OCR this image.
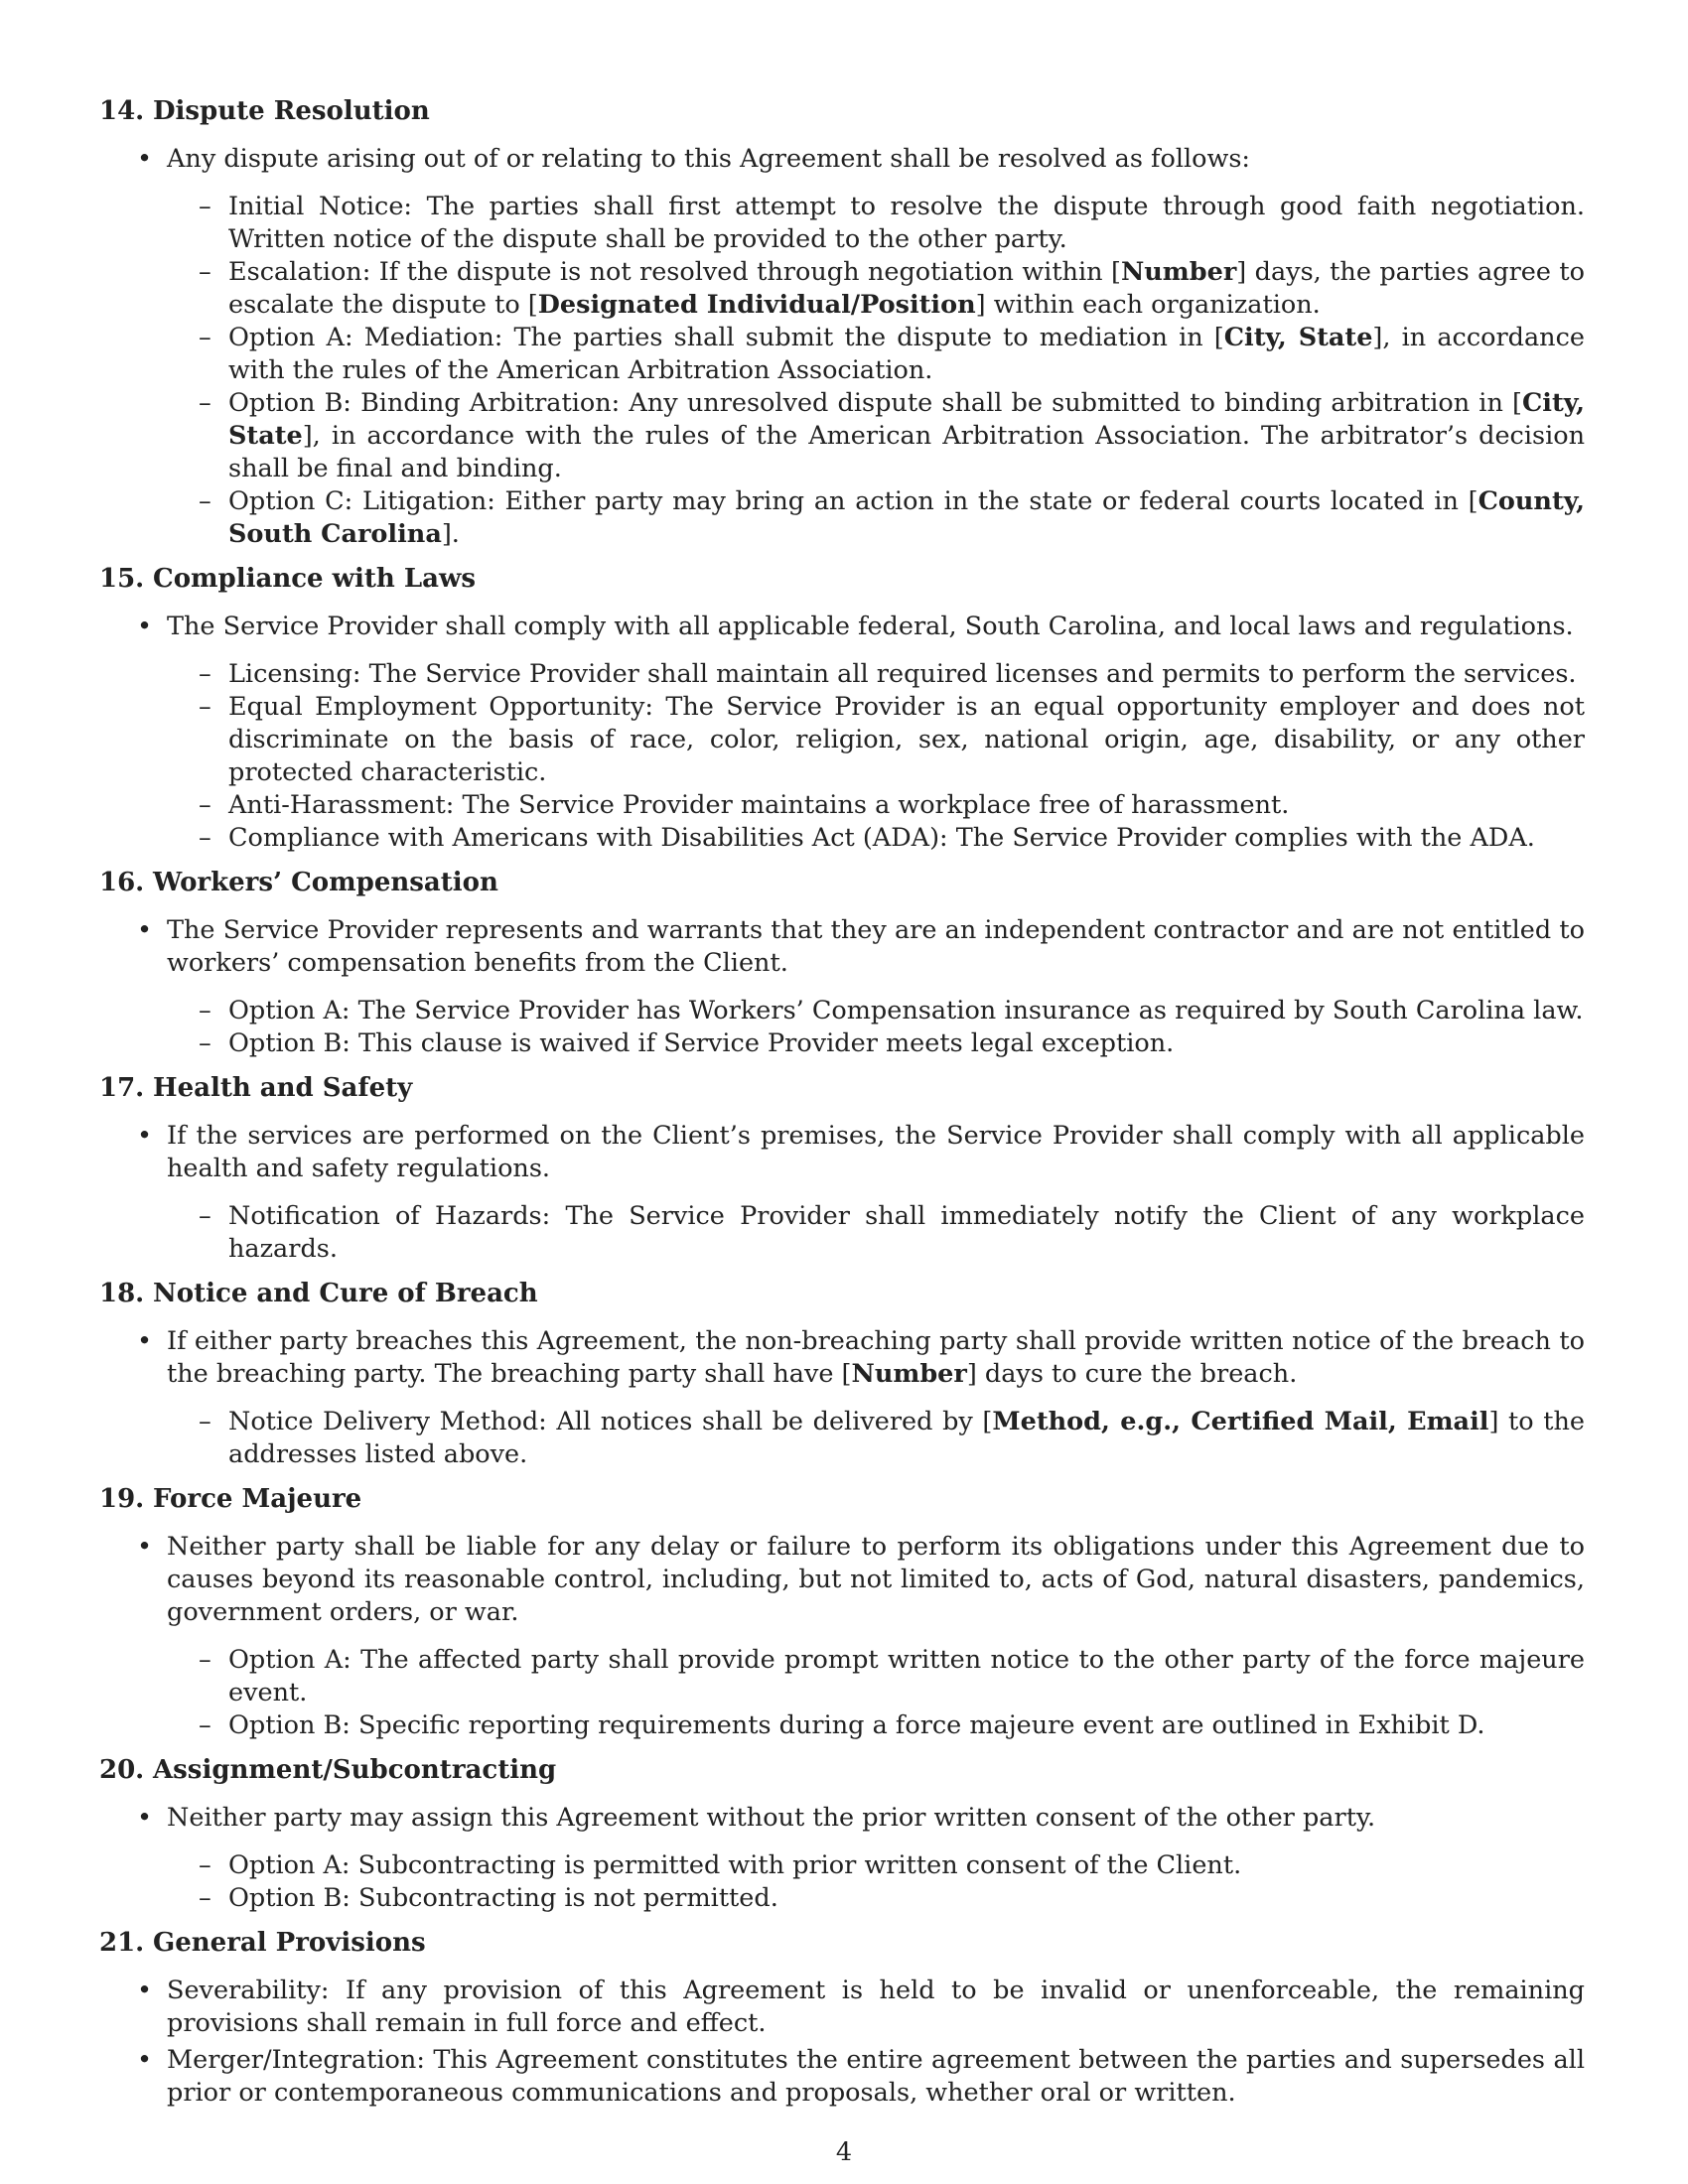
14. Dispute Resolution
• Any dispute arising out of or relating to this Agreement shall be resolved as follows:
– Initial Notice: The parties shall first attempt to resolve the dispute through good faith negotiation. Written notice of the dispute shall be provided to the other party.
– Escalation: If the dispute is not resolved through negotiation within [Number] days, the parties agree to escalate the dispute to [Designated Individual/Position] within each organization.
– Option A: Mediation: The parties shall submit the dispute to mediation in [City, State], in accordance with the rules of the American Arbitration Association.
– Option B: Binding Arbitration: Any unresolved dispute shall be submitted to binding arbitration in [City, State], in accordance with the rules of the American Arbitration Association. The arbitrator’s decision shall be final and binding.
– Option C: Litigation: Either party may bring an action in the state or federal courts located in [County, South Carolina].
15. Compliance with Laws
• The Service Provider shall comply with all applicable federal, South Carolina, and local laws and regulations.
– Licensing: The Service Provider shall maintain all required licenses and permits to perform the services.
– Equal Employment Opportunity: The Service Provider is an equal opportunity employer and does not discriminate on the basis of race, color, religion, sex, national origin, age, disability, or any other protected characteristic.
– Anti-Harassment: The Service Provider maintains a workplace free of harassment.
– Compliance with Americans with Disabilities Act (ADA): The Service Provider complies with the ADA.
16. Workers’ Compensation
• The Service Provider represents and warrants that they are an independent contractor and are not entitled to workers’ compensation benefits from the Client.
– Option A: The Service Provider has Workers’ Compensation insurance as required by South Carolina law.
– Option B: This clause is waived if Service Provider meets legal exception.
17. Health and Safety
• If the services are performed on the Client’s premises, the Service Provider shall comply with all applicable health and safety regulations.
– Notification of Hazards: The Service Provider shall immediately notify the Client of any workplace hazards.
18. Notice and Cure of Breach
• If either party breaches this Agreement, the non-breaching party shall provide written notice of the breach to the breaching party. The breaching party shall have [Number] days to cure the breach.
– Notice Delivery Method: All notices shall be delivered by [Method, e.g., Certified Mail, Email] to the addresses listed above.
19. Force Majeure
• Neither party shall be liable for any delay or failure to perform its obligations under this Agreement due to causes beyond its reasonable control, including, but not limited to, acts of God, natural disasters, pandemics, government orders, or war.
– Option A: The affected party shall provide prompt written notice to the other party of the force majeure event.
– Option B: Specific reporting requirements during a force majeure event are outlined in Exhibit D.
20. Assignment/Subcontracting
• Neither party may assign this Agreement without the prior written consent of the other party.
– Option A: Subcontracting is permitted with prior written consent of the Client.
– Option B: Subcontracting is not permitted.
21. General Provisions
• Severability: If any provision of this Agreement is held to be invalid or unenforceable, the remaining provisions shall remain in full force and effect.
• Merger/Integration: This Agreement constitutes the entire agreement between the parties and supersedes all prior or contemporaneous communications and proposals, whether oral or written.
4
